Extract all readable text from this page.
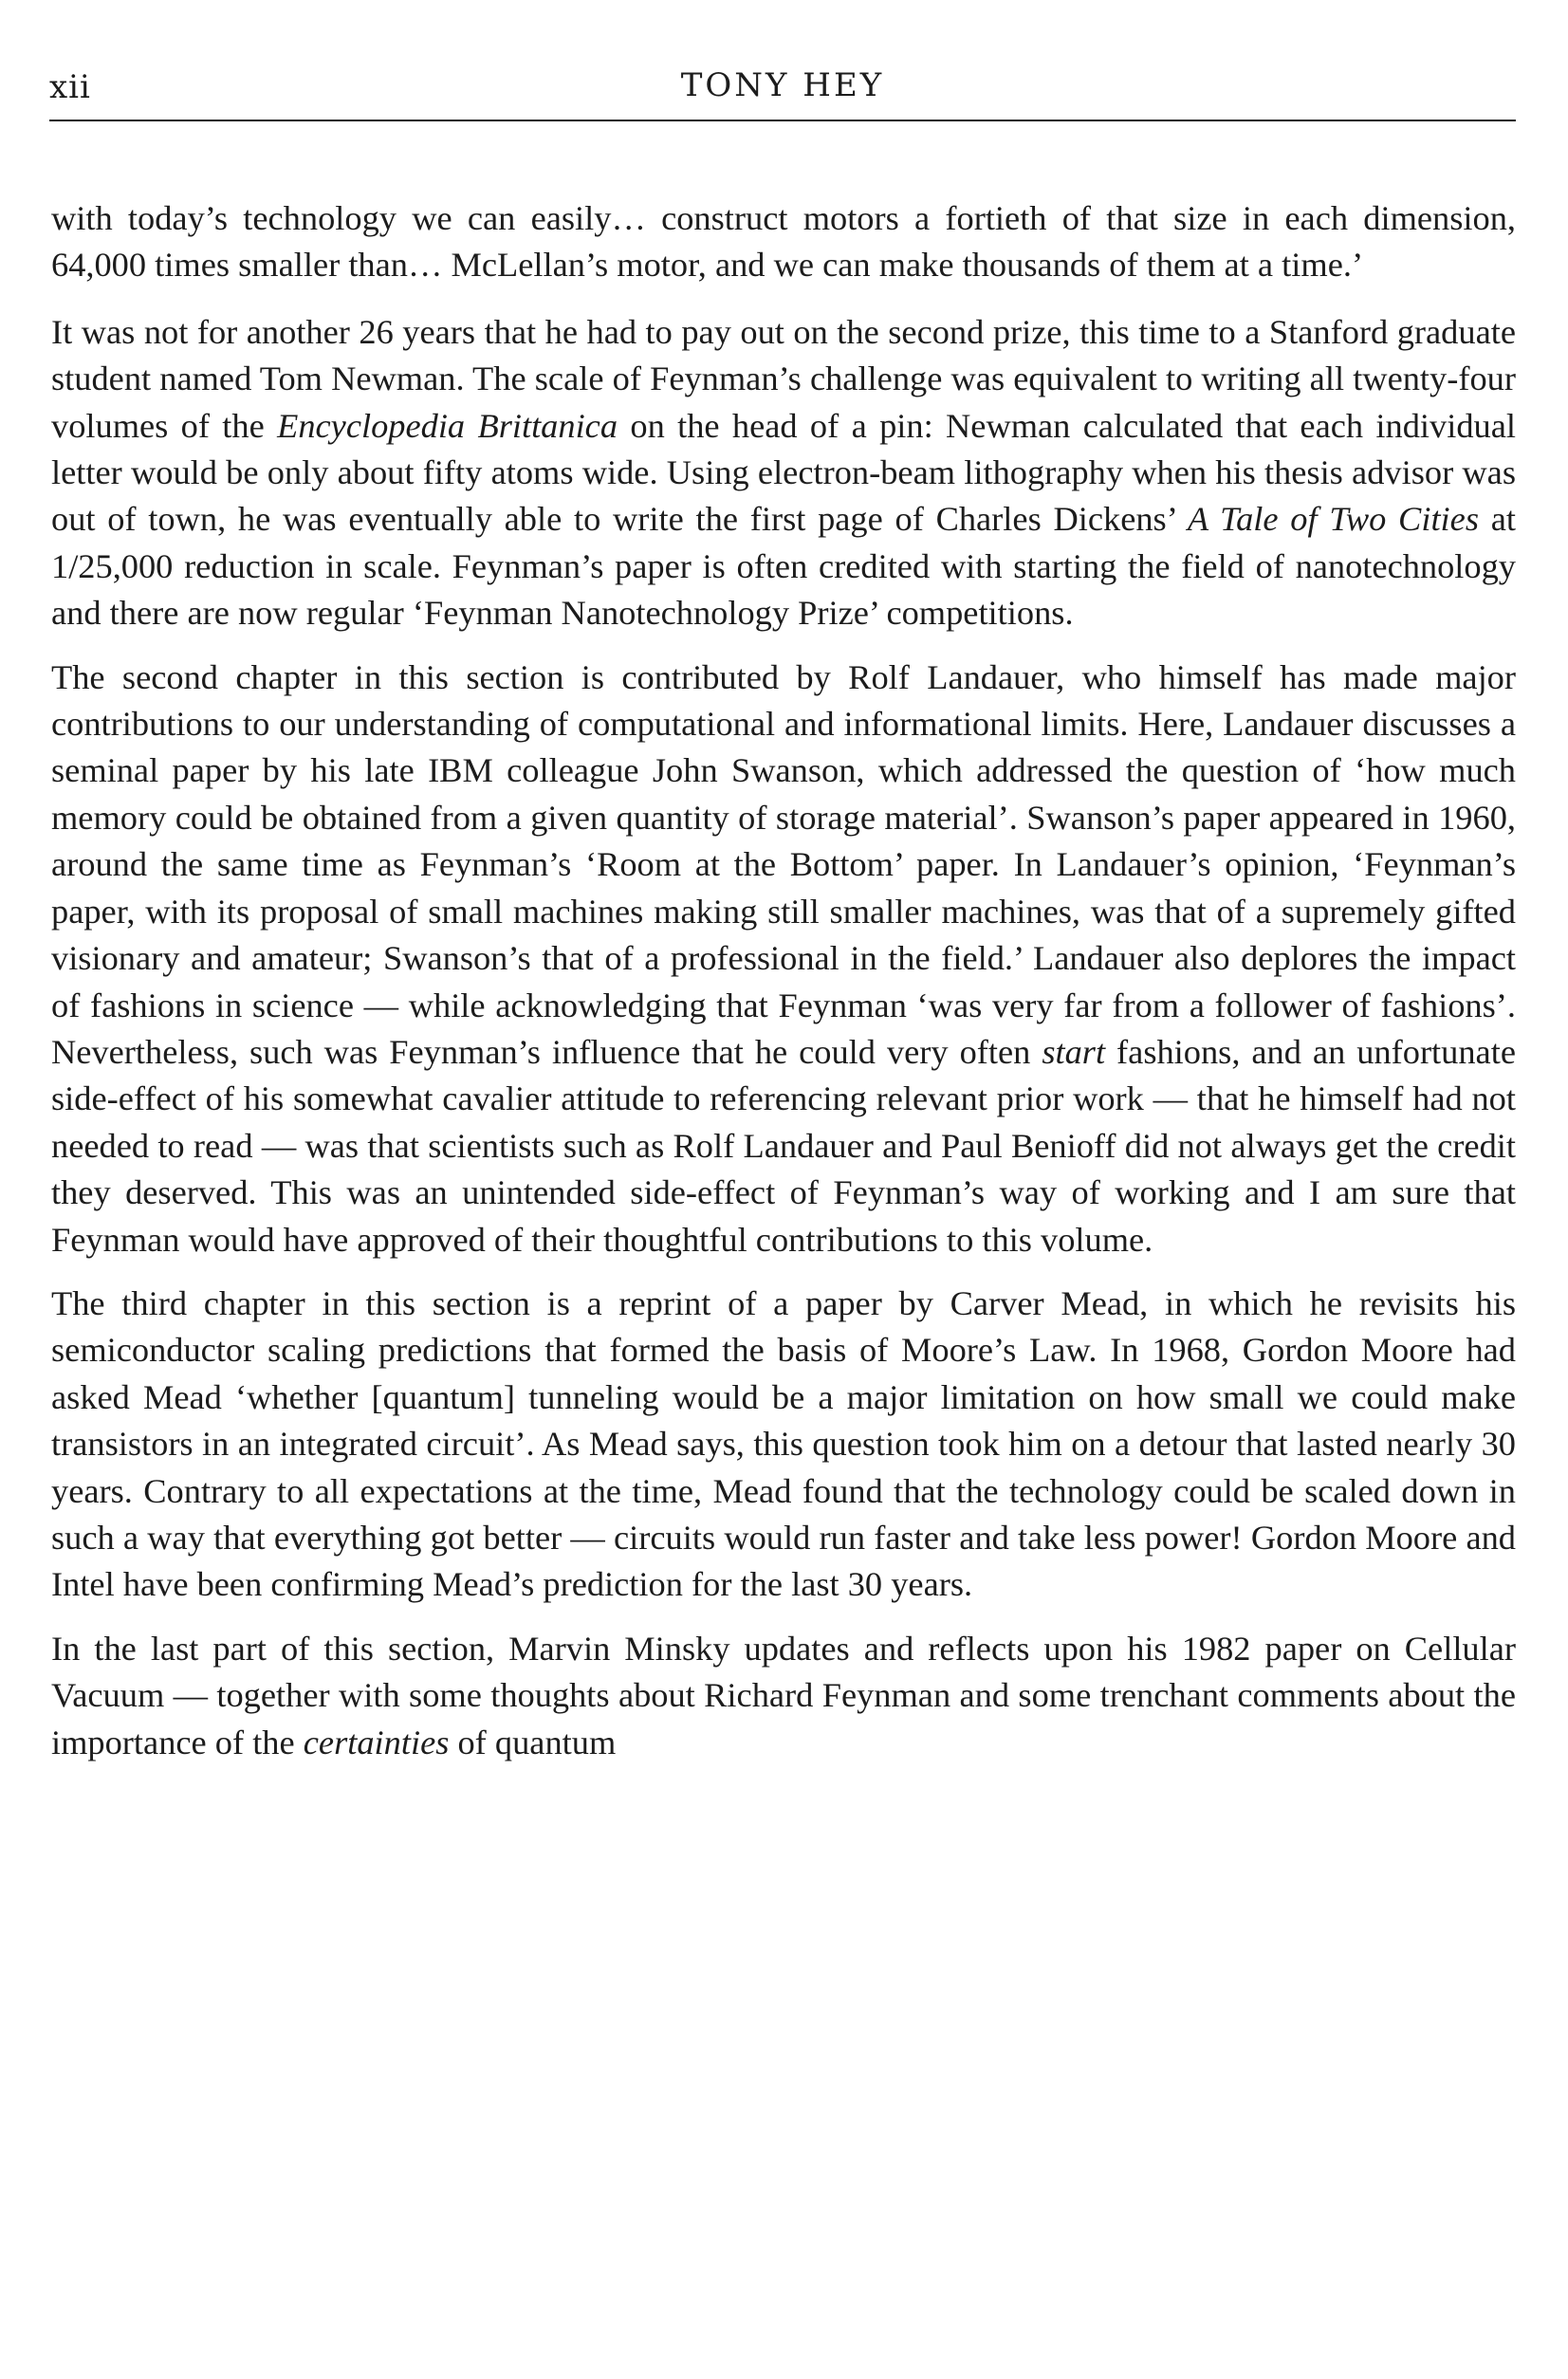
xii	TONY HEY

with today’s technology we can easily… construct motors a fortieth of that size in each dimension, 64,000 times smaller than… McLellan’s motor, and we can make thousands of them at a time.’

It was not for another 26 years that he had to pay out on the second prize, this time to a Stanford graduate student named Tom Newman. The scale of Feynman’s challenge was equivalent to writing all twenty-four volumes of the Encyclopedia Brittanica on the head of a pin: Newman calculated that each individual letter would be only about fifty atoms wide. Using electron-beam lithography when his thesis advisor was out of town, he was eventually able to write the first page of Charles Dickens’ A Tale of Two Cities at 1/25,000 reduction in scale. Feynman’s paper is often credited with starting the field of nanotechnology and there are now regular ‘Feynman Nanotechnology Prize’ competitions.

The second chapter in this section is contributed by Rolf Landauer, who himself has made major contributions to our understanding of computational and informational limits. Here, Landauer discusses a seminal paper by his late IBM colleague John Swanson, which addressed the question of ‘how much memory could be obtained from a given quantity of storage material’. Swanson’s paper appeared in 1960, around the same time as Feynman’s ‘Room at the Bottom’ paper. In Landauer’s opinion, ‘Feynman’s paper, with its proposal of small machines making still smaller machines, was that of a supremely gifted visionary and amateur; Swanson’s that of a professional in the field.’ Landauer also deplores the impact of fashions in science — while acknowledging that Feynman ‘was very far from a follower of fashions’. Nevertheless, such was Feynman’s influence that he could very often start fashions, and an unfortunate side-effect of his somewhat cavalier attitude to referencing relevant prior work — that he himself had not needed to read — was that scientists such as Rolf Landauer and Paul Benioff did not always get the credit they deserved. This was an unintended side-effect of Feynman’s way of working and I am sure that Feynman would have approved of their thoughtful contributions to this volume.

The third chapter in this section is a reprint of a paper by Carver Mead, in which he revisits his semiconductor scaling predictions that formed the basis of Moore’s Law. In 1968, Gordon Moore had asked Mead ‘whether [quantum] tunneling would be a major limitation on how small we could make transistors in an integrated circuit’. As Mead says, this question took him on a detour that lasted nearly 30 years. Contrary to all expectations at the time, Mead found that the technology could be scaled down in such a way that everything got better — circuits would run faster and take less power! Gordon Moore and Intel have been confirming Mead’s prediction for the last 30 years.

In the last part of this section, Marvin Minsky updates and reflects upon his 1982 paper on Cellular Vacuum — together with some thoughts about Richard Feynman and some trenchant comments about the importance of the certainties of quantum
